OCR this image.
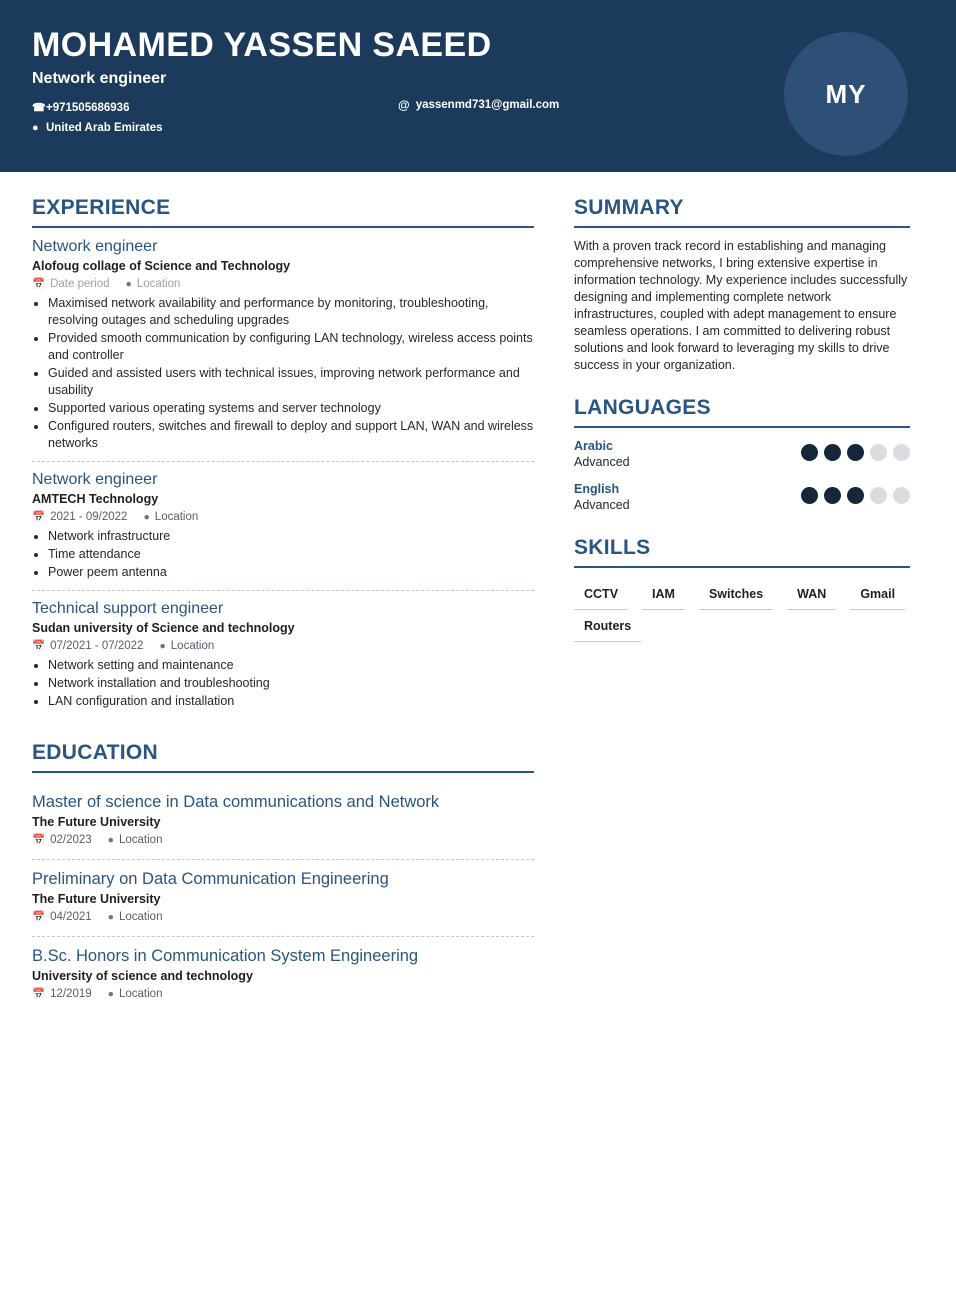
MOHAMED YASSEN SAEED
Network engineer
☎ +971505686936
● United Arab Emirates
@ yassenmd731@gmail.com	MY
EXPERIENCE
Network engineer
Alofoug collage of Science and Technology
📅 Date period ● Location
• Maximised network availability and performance by monitoring, troubleshooting, resolving outages and scheduling upgrades
• Provided smooth communication by configuring LAN technology, wireless access points and controller
• Guided and assisted users with technical issues, improving network performance and usability
• Supported various operating systems and server technology
• Configured routers, switches and firewall to deploy and support LAN, WAN and wireless networks
Network engineer
AMTECH Technology
📅 2021 - 09/2022 ● Location
• Network infrastructure
• Time attendance
• Power peem antenna
Technical support engineer
Sudan university of Science and technology
📅 07/2021 - 07/2022 ● Location
• Network setting and maintenance
• Network installation and troubleshooting
• LAN configuration and installation
EDUCATION
Master of science in Data communications and Network
The Future University
📅 02/2023 ● Location
Preliminary on Data Communication Engineering
The Future University
📅 04/2021 ● Location
B.Sc. Honors in Communication System Engineering
University of science and technology
📅 12/2019 ● Location
SUMMARY
With a proven track record in establishing and managing comprehensive networks, I bring extensive expertise in information technology. My experience includes successfully designing and implementing complete network infrastructures, coupled with adept management to ensure seamless operations. I am committed to delivering robust solutions and look forward to leveraging my skills to drive success in your organization.
LANGUAGES
Arabic
Advanced
English
Advanced
SKILLS
CCTV	IAM	Switches	WAN	Gmail
Routers
